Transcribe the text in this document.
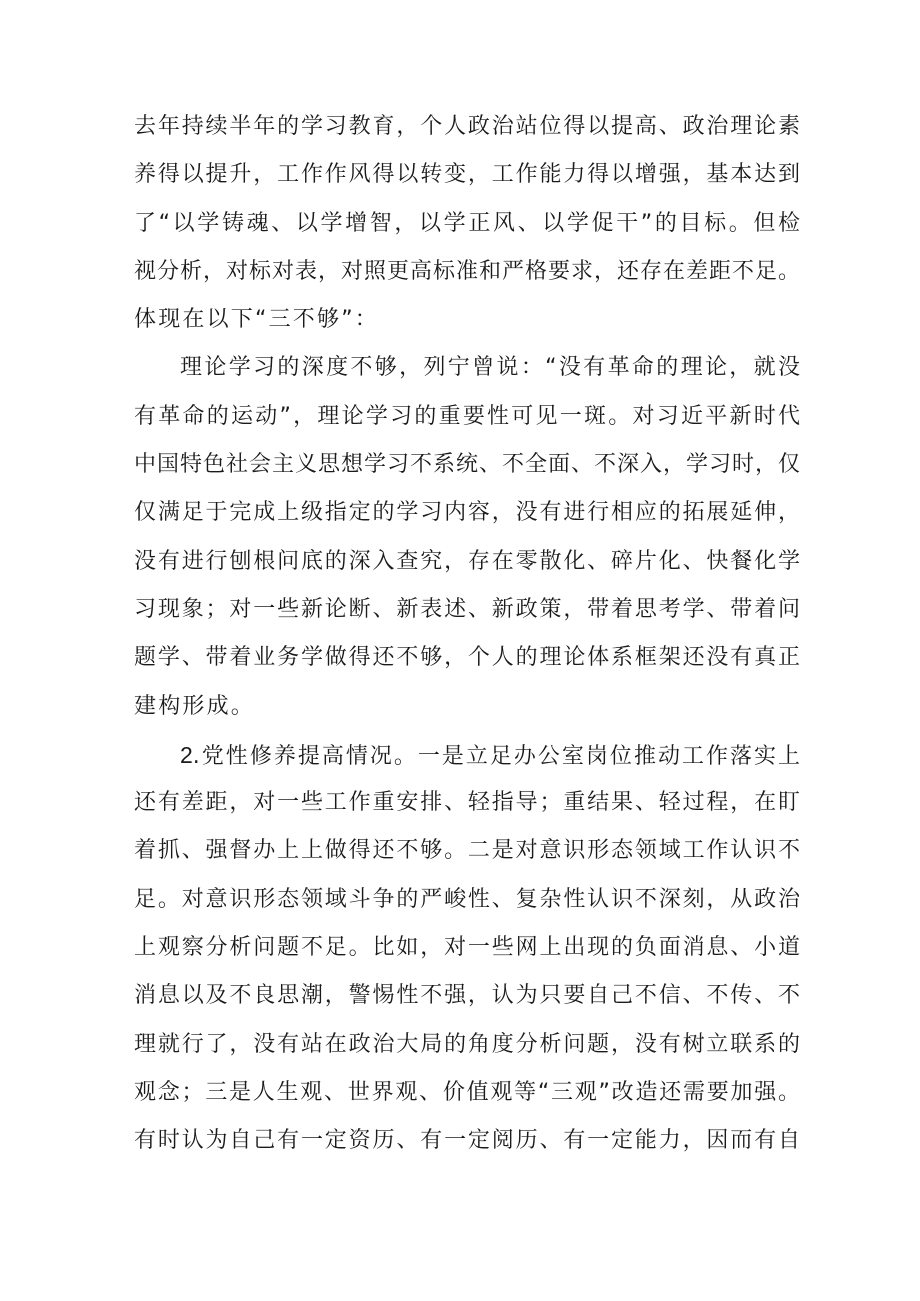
去年持续半年的学习教育，个人政治站位得以提高、政治理论素
养得以提升，工作作风得以转变，工作能力得以增强，基本达到
了“以学铸魂、以学增智，以学正风、以学促干”的目标。但检
视分析，对标对表，对照更高标准和严格要求，还存在差距不足。
体现在以下“三不够”：
理论学习的深度不够，列宁曾说：“没有革命的理论，就没
有革命的运动”，理论学习的重要性可见一斑。对习近平新时代
中国特色社会主义思想学习不系统、不全面、不深入，学习时，仅
仅满足于完成上级指定的学习内容，没有进行相应的拓展延伸，
没有进行刨根问底的深入查究，存在零散化、碎片化、快餐化学
习现象；对一些新论断、新表述、新政策，带着思考学、带着问
题学、带着业务学做得还不够，个人的理论体系框架还没有真正
建构形成。
2.党性修养提高情况。一是立足办公室岗位推动工作落实上
还有差距，对一些工作重安排、轻指导；重结果、轻过程，在盯
着抓、强督办上上做得还不够。二是对意识形态领域工作认识不
足。对意识形态领域斗争的严峻性、复杂性认识不深刻，从政治
上观察分析问题不足。比如，对一些网上出现的负面消息、小道
消息以及不良思潮，警惕性不强，认为只要自己不信、不传、不
理就行了，没有站在政治大局的角度分析问题，没有树立联系的
观念；三是人生观、世界观、价值观等“三观”改造还需要加强。
有时认为自己有一定资历、有一定阅历、有一定能力，因而有自
